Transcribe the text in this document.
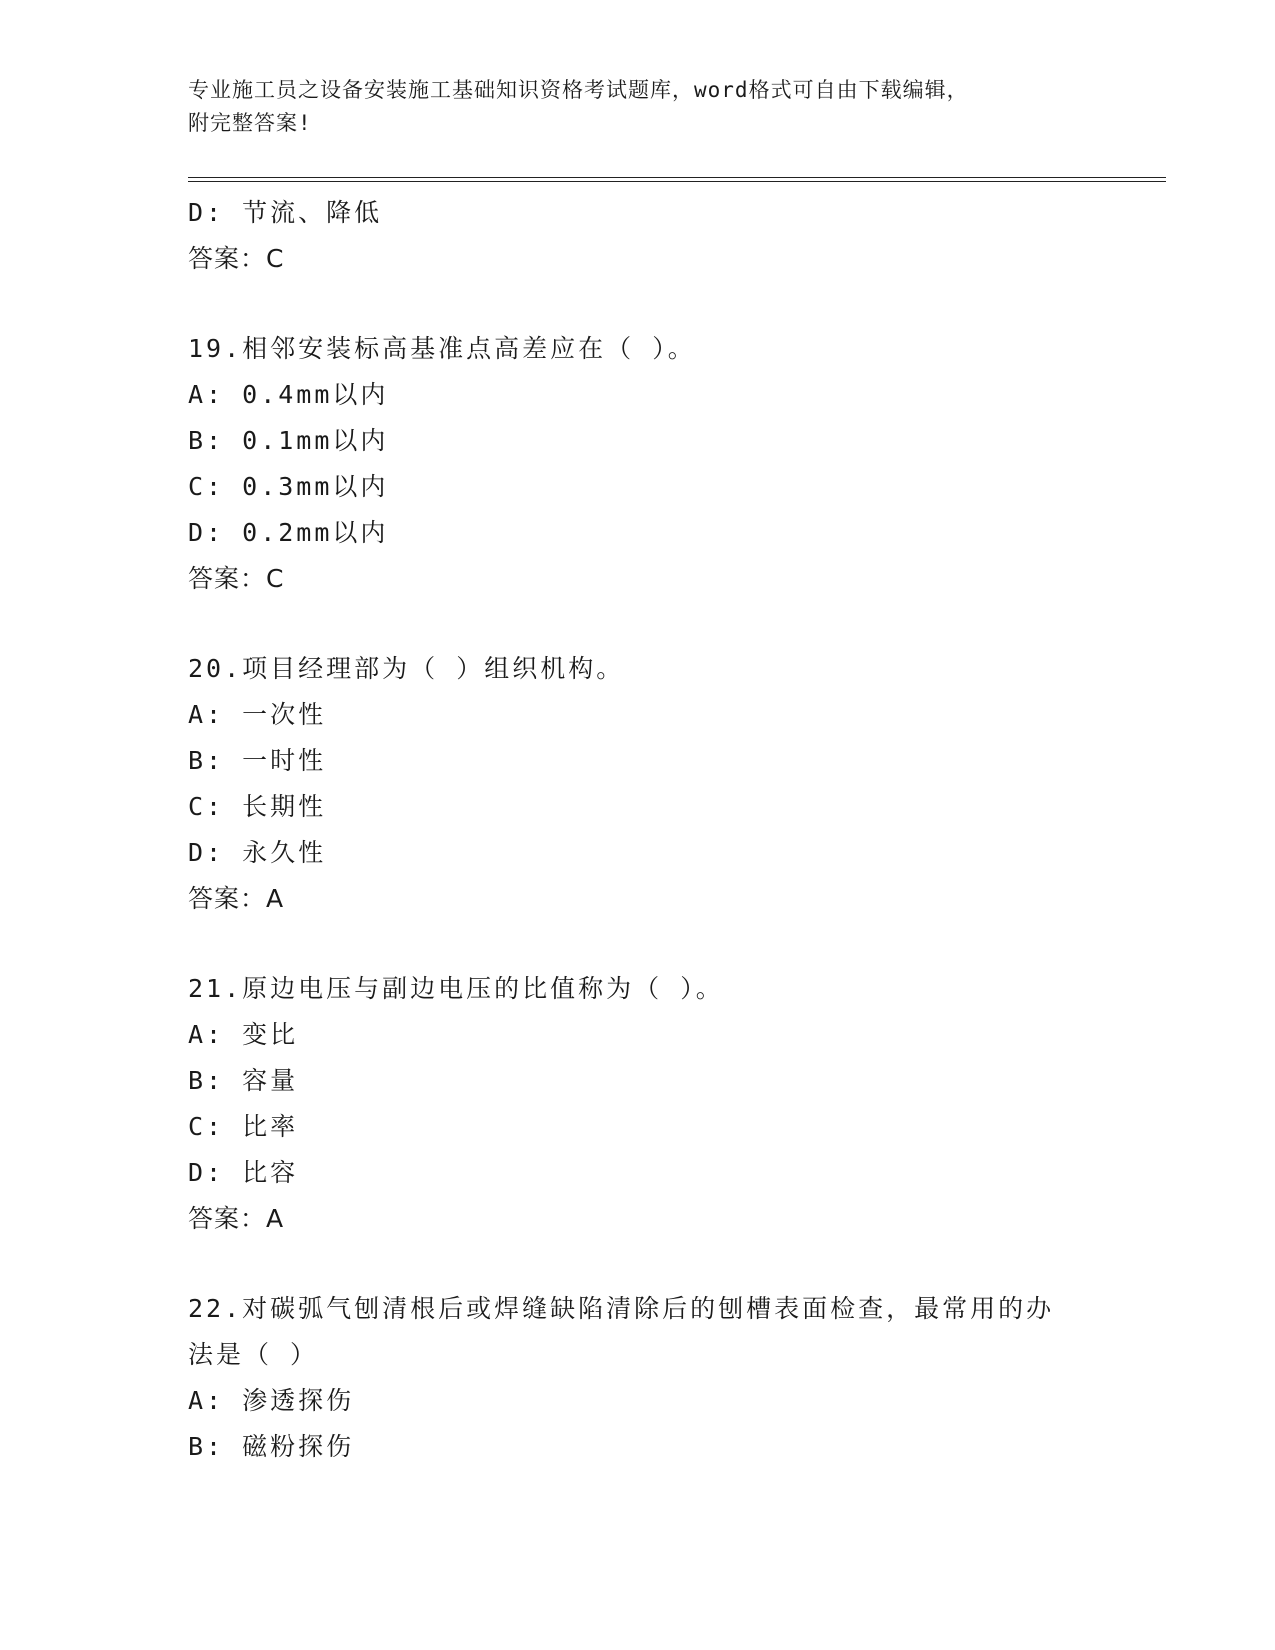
专业施工员之设备安装施工基础知识资格考试题库，word格式可自由下载编辑，
附完整答案!
D: 节流、降低
答案：C
19.相邻安装标高基准点高差应在（ ）。
A: 0.4mm以内
B: 0.1mm以内
C: 0.3mm以内
D: 0.2mm以内
答案：C
20.项目经理部为（ ）组织机构。
A: 一次性
B: 一时性
C: 长期性
D: 永久性
答案：A
21.原边电压与副边电压的比值称为（ ）。
A: 变比
B: 容量
C: 比率
D: 比容
答案：A
22.对碳弧气刨清根后或焊缝缺陷清除后的刨槽表面检查，最常用的办
法是（ ）
A: 渗透探伤
B: 磁粉探伤
